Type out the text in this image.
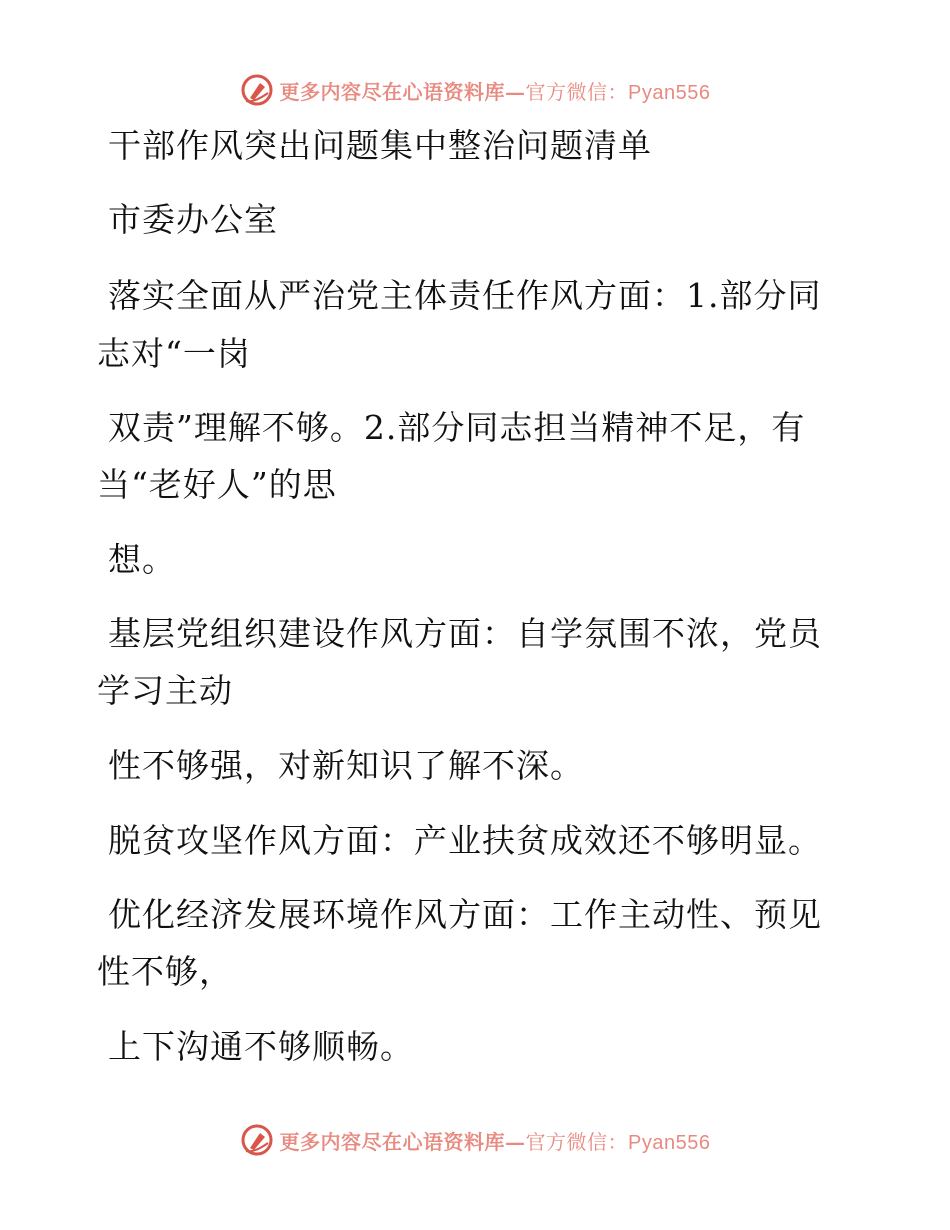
更多内容尽在心语资料库—官方微信：Pyan556
干部作风突出问题集中整治问题清单
市委办公室
落实全面从严治党主体责任作风方面：1.部分同
志对“一岗
双责”理解不够。2.部分同志担当精神不足，有
当“老好人”的思
想。
基层党组织建设作风方面：自学氛围不浓，党员
学习主动
性不够强，对新知识了解不深。
脱贫攻坚作风方面：产业扶贫成效还不够明显。
优化经济发展环境作风方面：工作主动性、预见
性不够，
上下沟通不够顺畅。
更多内容尽在心语资料库—官方微信：Pyan556
